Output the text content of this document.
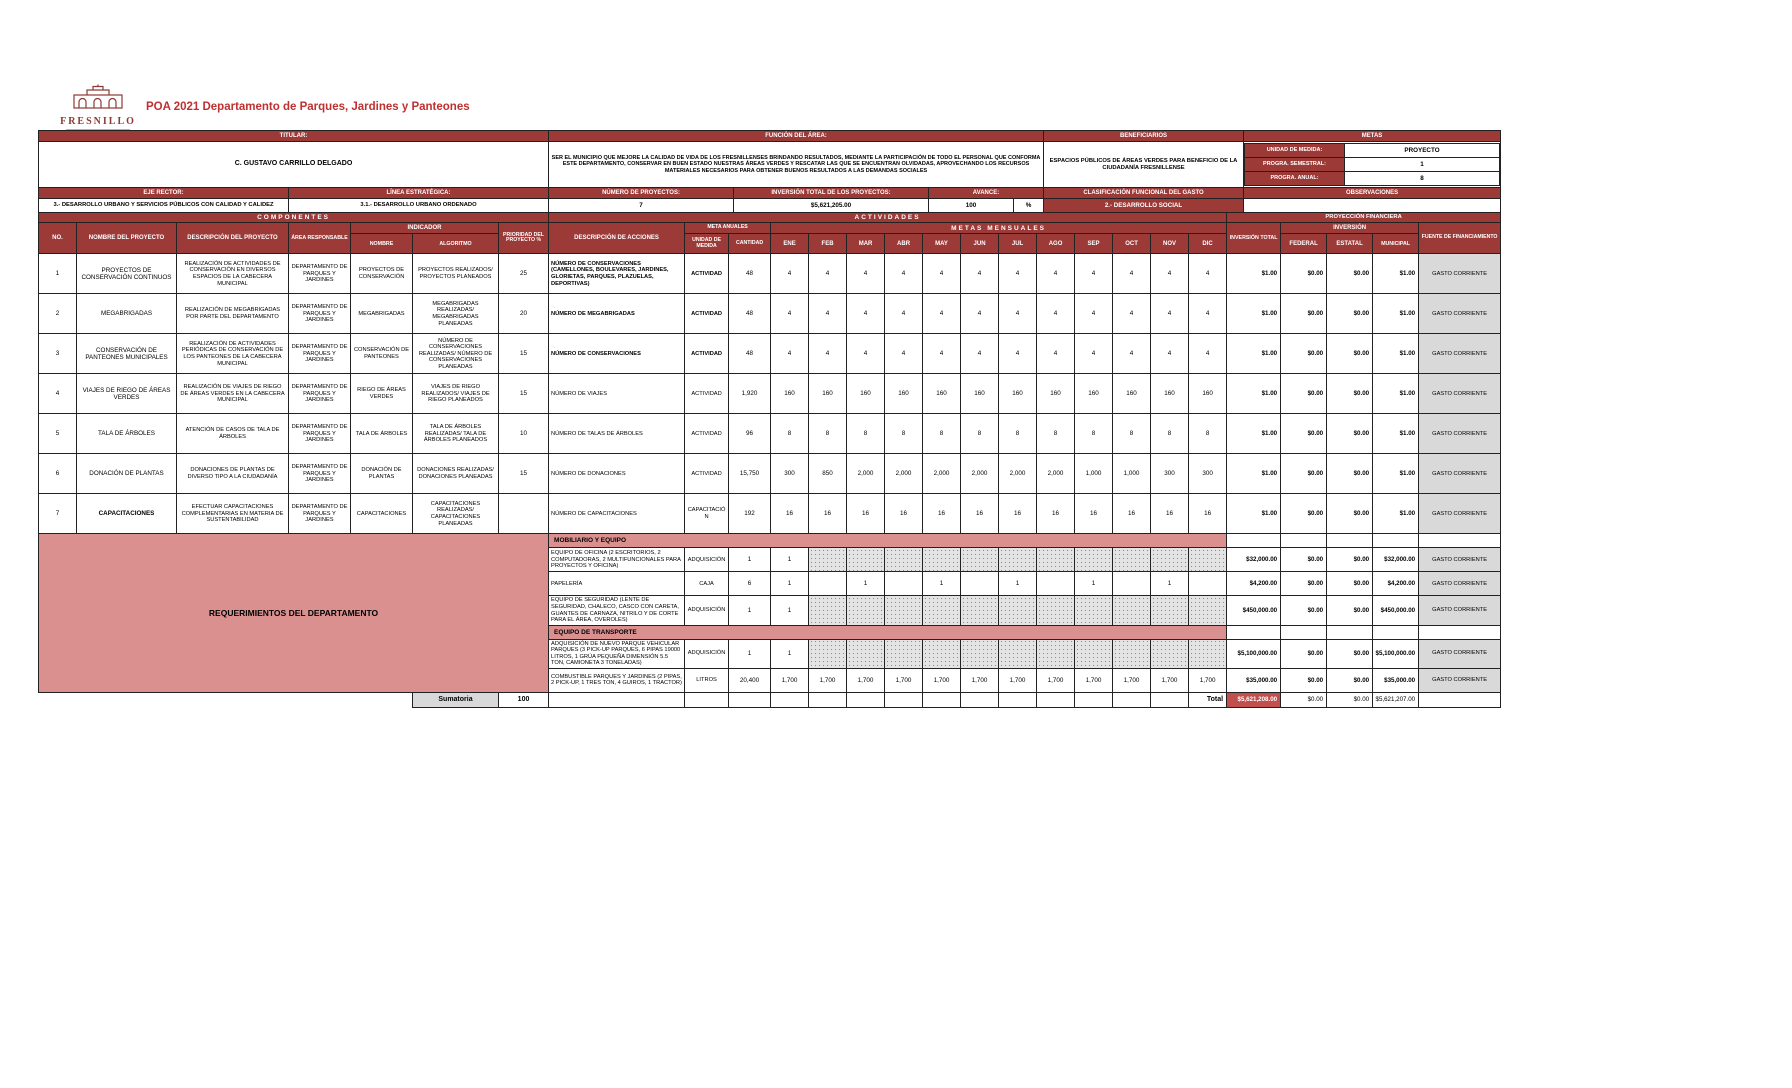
FRESNILLO
POA 2021 Departamento de Parques, Jardines y Panteones
TITULAR:	FUNCIÓN DEL ÁREA:	BENEFICIARIOS	METAS
C. GUSTAVO CARRILLO DELGADO	SER EL MUNICIPIO QUE MEJORE LA CALIDAD DE VIDA DE LOS FRESNILLENSES BRINDANDO RESULTADOS, MEDIANTE LA PARTICIPACIÓN DE TODO EL PERSONAL QUE CONFORMA ESTE DEPARTAMENTO, CONSERVAR EN BUEN ESTADO NUESTRAS ÁREAS VERDES Y RESCATAR LAS QUE SE ENCUENTRAN OLVIDADAS, APROVECHANDO LOS RECURSOS MATERIALES NECESARIOS PARA OBTENER BUENOS RESULTADOS A LAS DEMANDAS SOCIALES	ESPACIOS PÚBLICOS DE ÁREAS VERDES PARA BENEFICIO DE LA CIUDADANÍA FRESNILLENSE	
UNIDAD DE MEDIDA:	PROYECTO
PROGRA. SEMESTRAL:	1
PROGRA. ANUAL:	8

EJE RECTOR:	LÍNEA ESTRATÉGICA:	NÚMERO DE PROYECTOS:	INVERSIÓN TOTAL DE LOS PROYECTOS:	AVANCE:	CLASIFICACIÓN FUNCIONAL DEL GASTO	OBSERVACIONES
3.- DESARROLLO URBANO Y SERVICIOS PÚBLICOS CON CALIDAD Y CALIDEZ	3.1.- DESARROLLO URBANO ORDENADO	7	$5,621,205.00	100	%	2.- DESARROLLO SOCIAL	
COMPONENTES							ACTIVIDADES															PROYECCIÓN FINANCIERA				
NO.	NOMBRE DEL PROYECTO	DESCRIPCIÓN DEL PROYECTO	ÁREA RESPONSABLE	INDICADOR		PRIORIDAD DEL PROYECTO %	DESCRIPCIÓN DE ACCIONES	META ANUALES		METAS MENSUALES												INVERSIÓN TOTAL	INVERSIÓN			FUENTE DE FINANCIAMIENTO
				NOMBRE	ALGORITMO			UNIDAD DE MEDIDA	CANTIDAD	ENE	FEB	MAR	ABR	MAY	JUN	JUL	AGO	SEP	OCT	NOV	DIC		FEDERAL	ESTATAL	MUNICIPAL	
1	PROYECTOS DE CONSERVACIÓN CONTINUOS	REALIZACIÓN DE ACTIVIDADES DE CONSERVACIÓN EN DIVERSOS ESPACIOS DE LA CABECERA MUNICIPAL	DEPARTAMENTO DE PARQUES Y JARDINES	PROYECTOS DE CONSERVACIÓN	PROYECTOS REALIZADOS/ PROYECTOS PLANEADOS	25	NÚMERO DE CONSERVACIONES (CAMELLONES, BOULEVARES, JARDINES, GLORIETAS, PARQUES, PLAZUELAS, DEPORTIVAS)	ACTIVIDAD	48	4	4	4	4	4	4	4	4	4	4	4	4	$1.00	$0.00	$0.00	$1.00	GASTO CORRIENTE
2	MEGABRIGADAS	REALIZACIÓN DE MEGABRIGADAS POR PARTE DEL DEPARTAMENTO	DEPARTAMENTO DE PARQUES Y JARDINES	MEGABRIGADAS	MEGABRIGADAS REALIZADAS/ MEGABRIGADAS PLANEADAS	20	NÚMERO DE MEGABRIGADAS	ACTIVIDAD	48	4	4	4	4	4	4	4	4	4	4	4	4	$1.00	$0.00	$0.00	$1.00	GASTO CORRIENTE
3	CONSERVACIÓN DE PANTEONES MUNICIPALES	REALIZACIÓN DE ACTIVIDADES PERIÓDICAS DE CONSERVACIÓN DE LOS PANTEONES DE LA CABECERA MUNICIPAL	DEPARTAMENTO DE PARQUES Y JARDINES	CONSERVACIÓN DE PANTEONES	NÚMERO DE CONSERVACIONES REALIZADAS/ NÚMERO DE CONSERVACIONES PLANEADAS	15	NÚMERO DE CONSERVACIONES	ACTIVIDAD	48	4	4	4	4	4	4	4	4	4	4	4	4	$1.00	$0.00	$0.00	$1.00	GASTO CORRIENTE
4	VIAJES DE RIEGO DE ÁREAS VERDES	REALIZACIÓN DE VIAJES DE RIEGO DE ÁREAS VERDES EN LA CABECERA MUNICIPAL	DEPARTAMENTO DE PARQUES Y JARDINES	RIEGO DE ÁREAS VERDES	VIAJES DE RIEGO REALIZADOS/ VIAJES DE RIEGO PLANEADOS	15	NÚMERO DE VIAJES	ACTIVIDAD	1,920	160	160	160	160	160	160	160	160	160	160	160	160	$1.00	$0.00	$0.00	$1.00	GASTO CORRIENTE
5	TALA DE ÁRBOLES	ATENCIÓN DE CASOS DE TALA DE ÁRBOLES	DEPARTAMENTO DE PARQUES Y JARDINES	TALA DE ÁRBOLES	TALA DE ÁRBOLES REALIZADAS/ TALA DE ÁRBOLES PLANEADOS	10	NÚMERO DE TALAS DE ÁRBOLES	ACTIVIDAD	96	8	8	8	8	8	8	8	8	8	8	8	8	$1.00	$0.00	$0.00	$1.00	GASTO CORRIENTE
6	DONACIÓN DE PLANTAS	DONACIONES DE PLANTAS DE DIVERSO TIPO A LA CIUDADANÍA	DEPARTAMENTO DE PARQUES Y JARDINES	DONACIÓN DE PLANTAS	DONACIONES REALIZADAS/ DONACIONES PLANEADAS	15	NÚMERO DE DONACIONES	ACTIVIDAD	15,750	300	850	2,000	2,000	2,000	2,000	2,000	2,000	1,000	1,000	300	300	$1.00	$0.00	$0.00	$1.00	GASTO CORRIENTE
7	CAPACITACIONES	EFECTUAR CAPACITACIONES COMPLEMENTARIAS EN MATERIA DE SUSTENTABILIDAD	DEPARTAMENTO DE PARQUES Y JARDINES	CAPACITACIONES	CAPACITACIONES REALIZADAS/ CAPACITACIONES PLANEADAS		NÚMERO DE CAPACITACIONES	CAPACITACIÓN	192	16	16	16	16	16	16	16	16	16	16	16	16	$1.00	$0.00	$0.00	$1.00	GASTO CORRIENTE
REQUERIMIENTOS DEL DEPARTAMENTO							MOBILIARIO Y EQUIPO																			
							EQUIPO DE OFICINA (2 ESCRITORIOS, 2 COMPUTADORAS, 2 MULTIFUNCIONALES PARA PROYECTOS Y OFICINA)	ADQUISICIÓN	1	1												$32,000.00	$0.00	$0.00	$32,000.00	GASTO CORRIENTE
							PAPELERÍA	CAJA	6	1		1		1		1		1		1		$4,200.00	$0.00	$0.00	$4,200.00	GASTO CORRIENTE
							EQUIPO DE SEGURIDAD (LENTE DE SEGURIDAD, CHALECO, CASCO CON CARETA, GUANTES DE CARNAZA, NITRILO Y DE CORTE PARA EL ÁREA, OVEROLES)	ADQUISICIÓN	1	1												$450,000.00	$0.00	$0.00	$450,000.00	GASTO CORRIENTE
							EQUIPO DE TRANSPORTE																			
							ADQUISICIÓN DE NUEVO PARQUE VEHICULAR PARQUES (3 PICK-UP PARQUES, 6 PIPAS 19000 LITROS, 1 GRÚA PEQUEÑA DIMENSIÓN 5.5 TON, CAMIONETA 3 TONELADAS)	ADQUISICIÓN	1	1												$5,100,000.00	$0.00	$0.00	$5,100,000.00	GASTO CORRIENTE
							COMBUSTIBLE PARQUES Y JARDINES (2 PIPAS, 2 PICK-UP, 1 TRES TON, 4 GUIROS, 1 TRACTOR)	LITROS	20,400	1,700	1,700	1,700	1,700	1,700	1,700	1,700	1,700	1,700	1,700	1,700	1,700	$35,000.00	$0.00	$0.00	$35,000.00	GASTO CORRIENTE
					Sumatoria	100															Total	$5,621,208.00	$0.00	$0.00	$5,621,207.00	
